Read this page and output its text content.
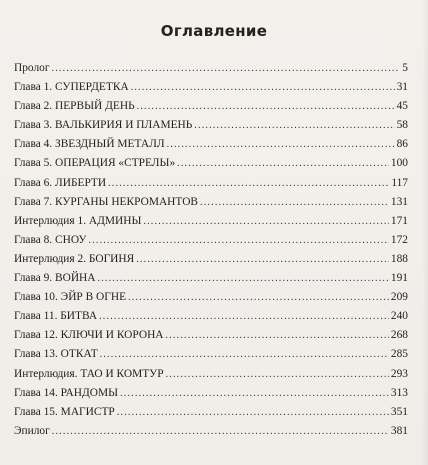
Оглавление
Пролог .....	5
Глава 1. СУПЕРДЕТКА .....	31
Глава 2. ПЕРВЫЙ ДЕНЬ .....	45
Глава 3. ВАЛЬКИРИЯ И ПЛАМЕНЬ .....	58
Глава 4. ЗВЕЗДНЫЙ МЕТАЛЛ .....	86
Глава 5. ОПЕРАЦИЯ «СТРЕЛЫ» .....	100
Глава 6. ЛИБЕРТИ .....	117
Глава 7. КУРГАНЫ НЕКРОМАНТОВ .....	131
Интерлюдия 1. АДМИНЫ .....	171
Глава 8. СНОУ .....	172
Интерлюдия 2. БОГИНЯ .....	188
Глава 9. ВОЙНА .....	191
Глава 10. ЭЙР В ОГНЕ .....	209
Глава 11. БИТВА .....	240
Глава 12. КЛЮЧИ И КОРОНА .....	268
Глава 13. ОТКАТ .....	285
Интерлюдия. ТАО И КОМТУР .....	293
Глава 14. РАНДОМЫ .....	313
Глава 15. МАГИСТР .....	351
Эпилог .....	381
